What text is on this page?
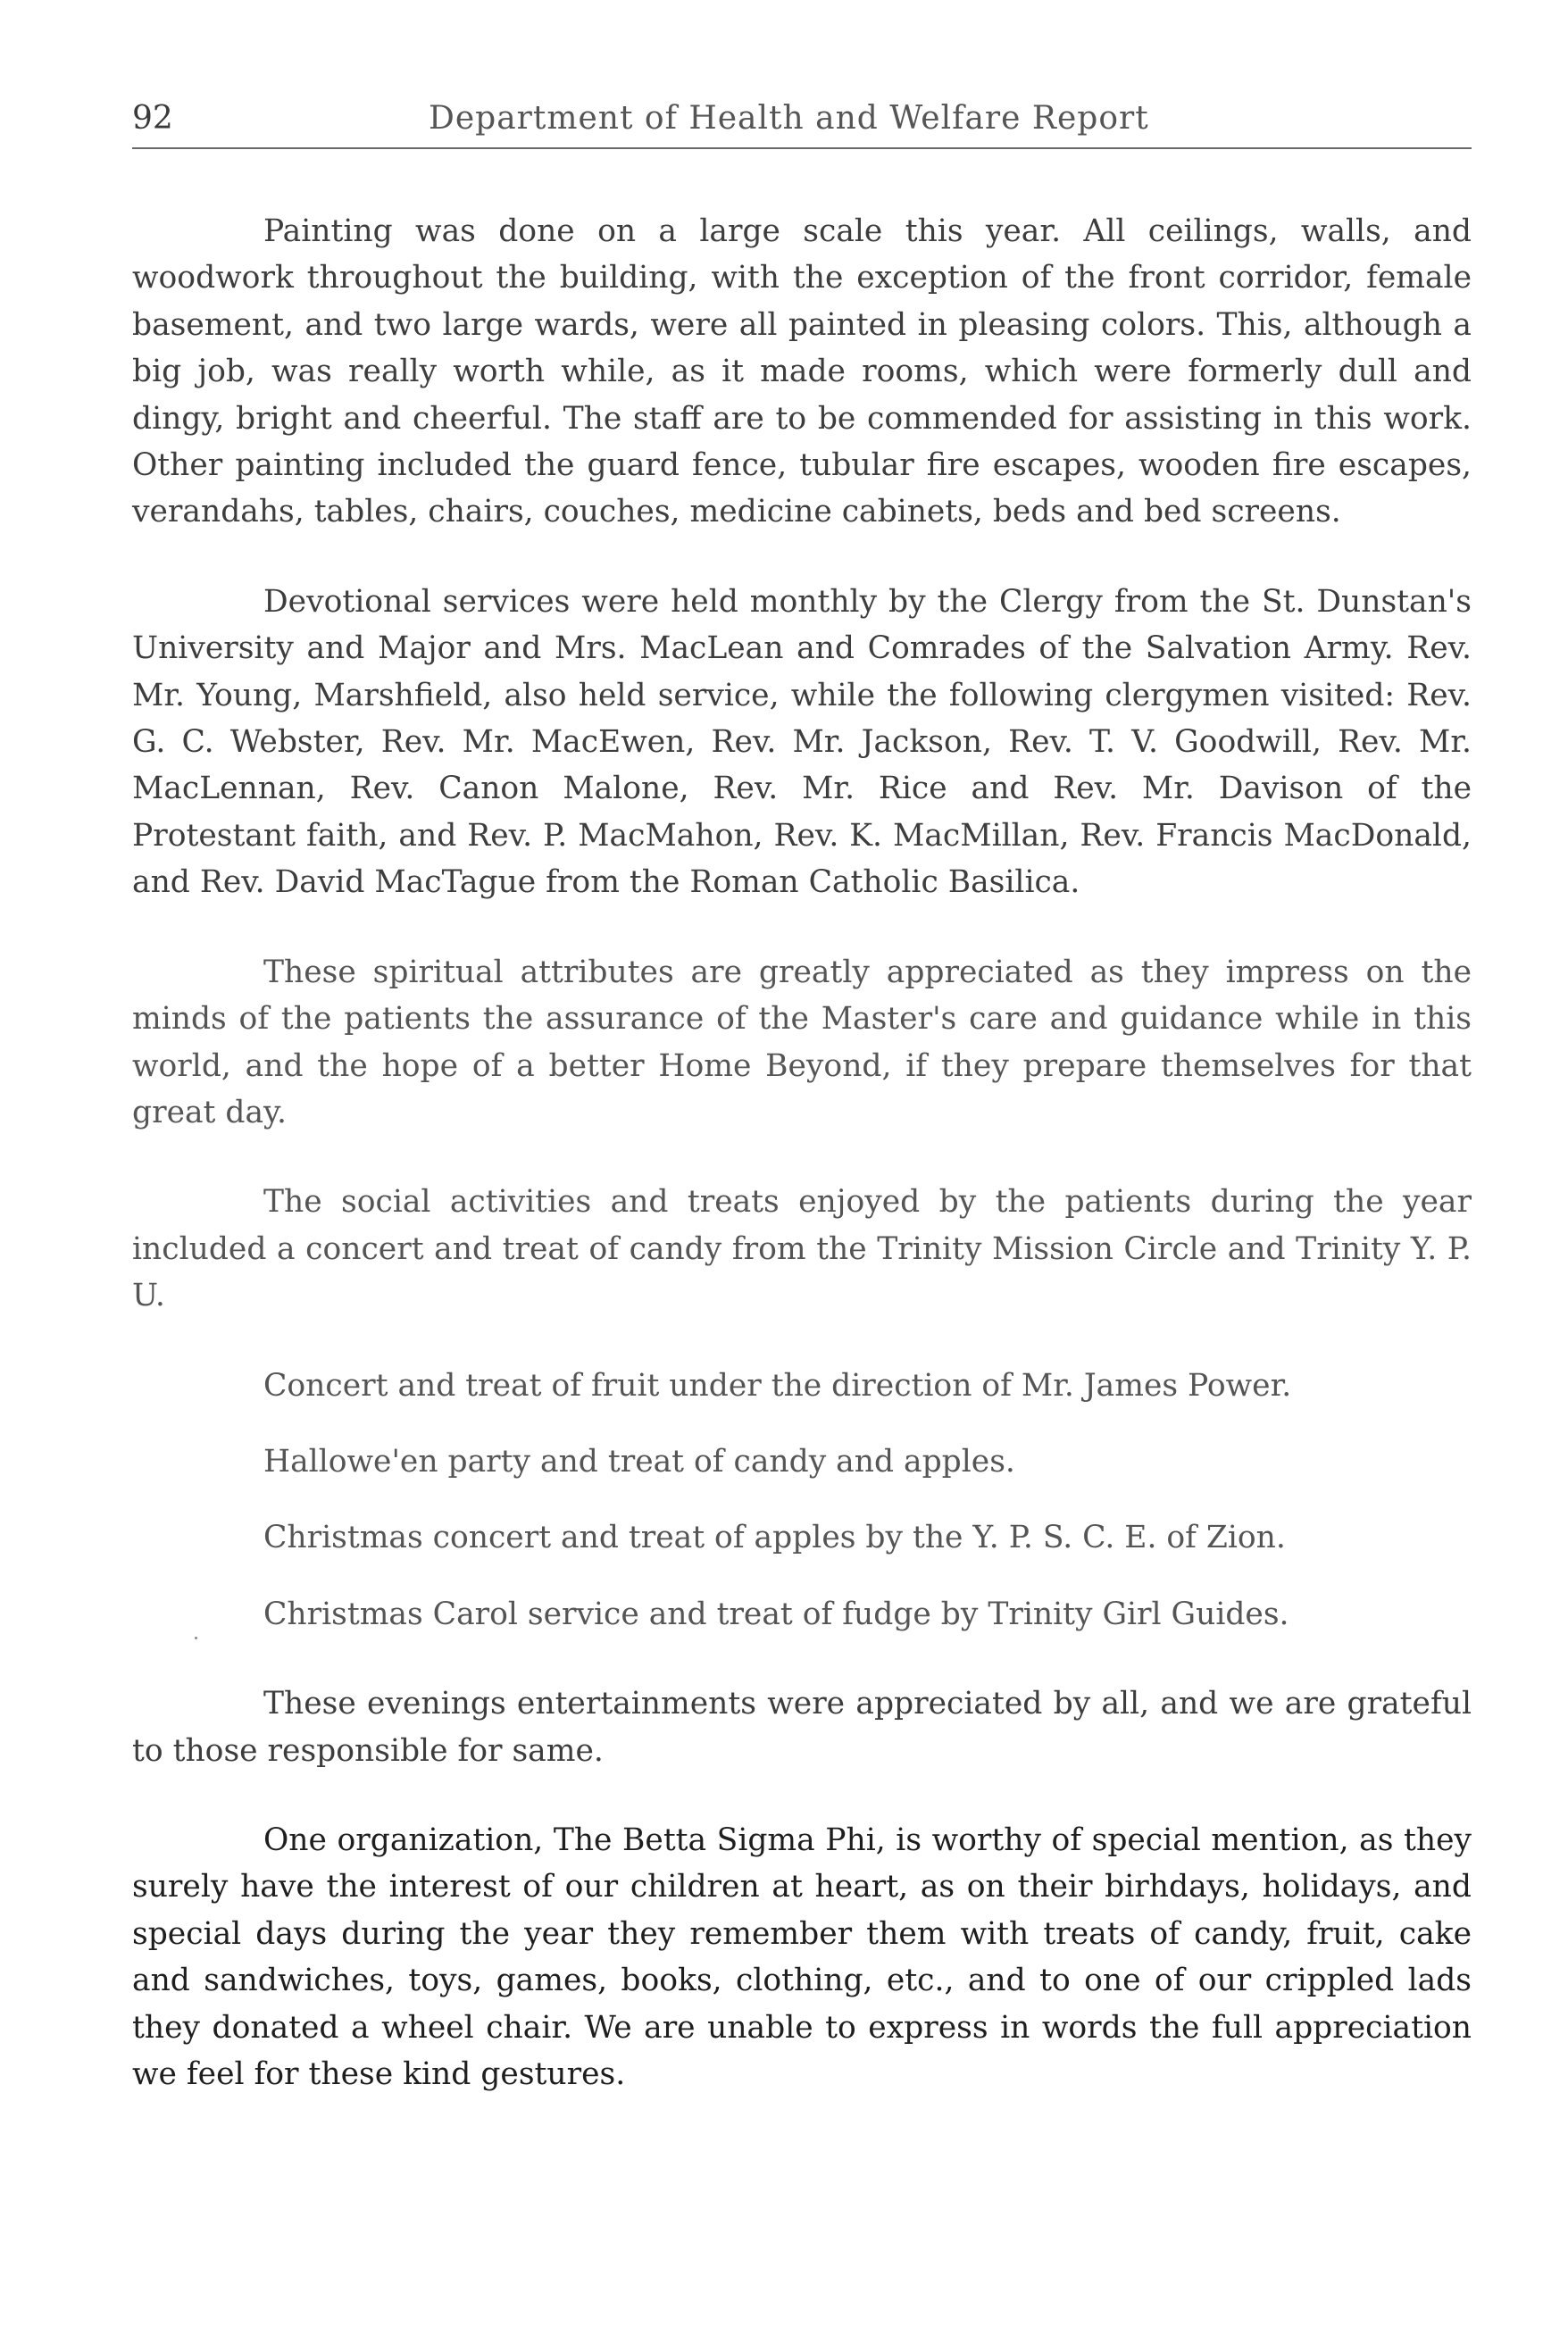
92	Department of Health and Welfare Report

Painting was done on a large scale this year. All ceilings, walls, and woodwork throughout the building, with the exception of the front corridor, female basement, and two large wards, were all painted in pleasing colors. This, although a big job, was really worth while, as it made rooms, which were formerly dull and dingy, bright and cheerful. The staff are to be commended for assisting in this work. Other painting included the guard fence, tubular fire escapes, wooden fire escapes, verandahs, tables, chairs, couches, medicine cabinets, beds and bed screens.

Devotional services were held monthly by the Clergy from the St. Dunstan's University and Major and Mrs. MacLean and Comrades of the Salvation Army. Rev. Mr. Young, Marshfield, also held service, while the following clergymen visited: Rev. G. C. Webster, Rev. Mr. MacEwen, Rev. Mr. Jackson, Rev. T. V. Goodwill, Rev. Mr. MacLennan, Rev. Canon Malone, Rev. Mr. Rice and Rev. Mr. Davison of the Protestant faith, and Rev. P. MacMahon, Rev. K. MacMillan, Rev. Francis MacDonald, and Rev. David MacTague from the Roman Catholic Basilica.

These spiritual attributes are greatly appreciated as they impress on the minds of the patients the assurance of the Master's care and guidance while in this world, and the hope of a better Home Beyond, if they prepare themselves for that great day.

The social activities and treats enjoyed by the patients during the year included a concert and treat of candy from the Trinity Mission Circle and Trinity Y. P. U.

Concert and treat of fruit under the direction of Mr. James Power.

Hallowe'en party and treat of candy and apples.

Christmas concert and treat of apples by the Y. P. S. C. E. of Zion.

Christmas Carol service and treat of fudge by Trinity Girl Guides.

These evenings entertainments were appreciated by all, and we are grateful to those responsible for same.

One organization, The Betta Sigma Phi, is worthy of special mention, as they surely have the interest of our children at heart, as on their birhdays, holidays, and special days during the year they remember them with treats of candy, fruit, cake and sandwiches, toys, games, books, clothing, etc., and to one of our crippled lads they donated a wheel chair. We are unable to express in words the full appreciation we feel for these kind gestures.
